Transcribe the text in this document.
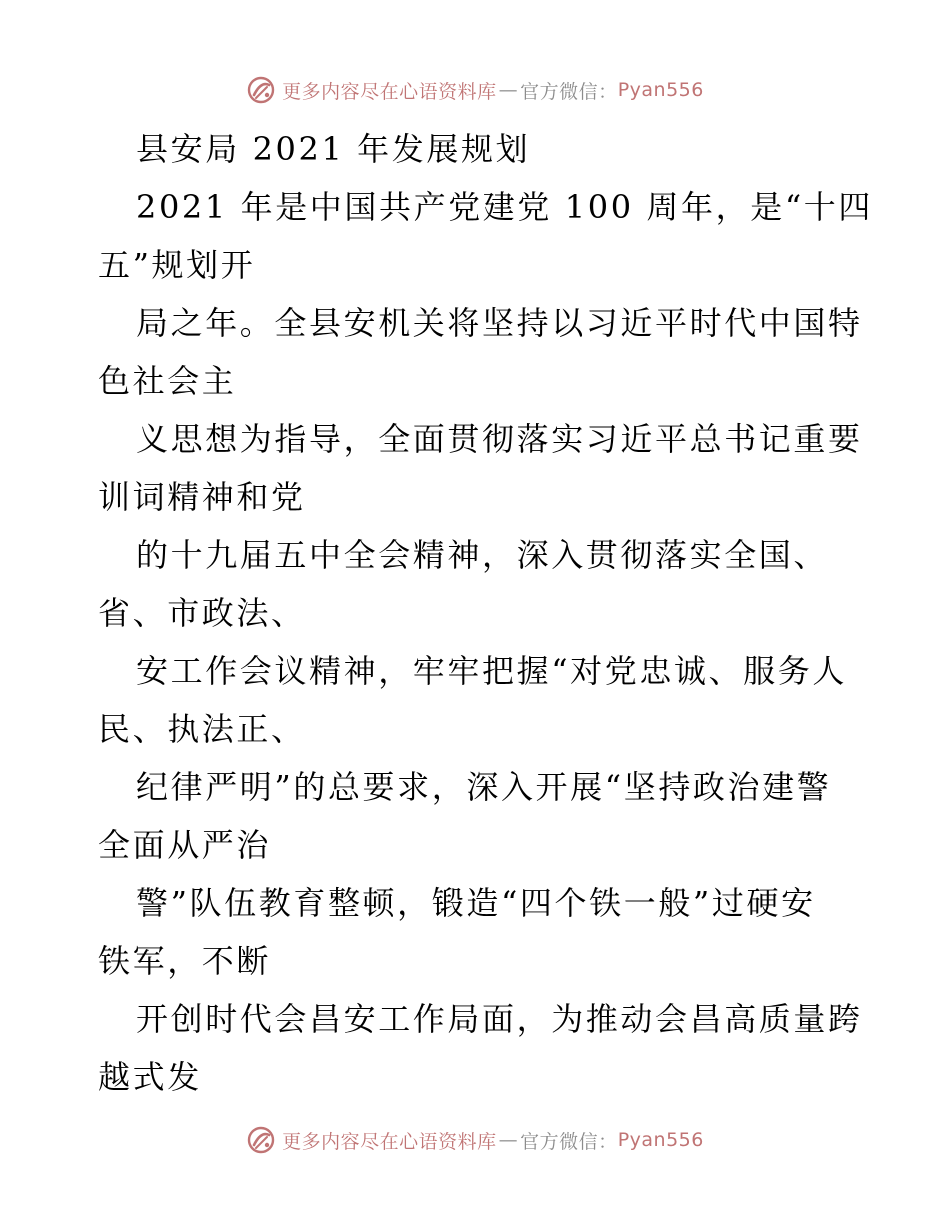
更多内容尽在心语资料库 — 官方微信： Pyan556
县安局 2021 年发展规划
2021 年是中国共产党建党 100 周年，是“十四
五”规划开
局之年。全县安机关将坚持以习近平时代中国特
色社会主
义思想为指导，全面贯彻落实习近平总书记重要
训词精神和党
的十九届五中全会精神，深入贯彻落实全国、
省、市政法、
安工作会议精神，牢牢把握“对党忠诚、服务人
民、执法正、
纪律严明”的总要求，深入开展“坚持政治建警
全面从严治
警”队伍教育整顿，锻造“四个铁一般”过硬安
铁军，不断
开创时代会昌安工作局面，为推动会昌高质量跨
越式发
更多内容尽在心语资料库 — 官方微信： Pyan556
